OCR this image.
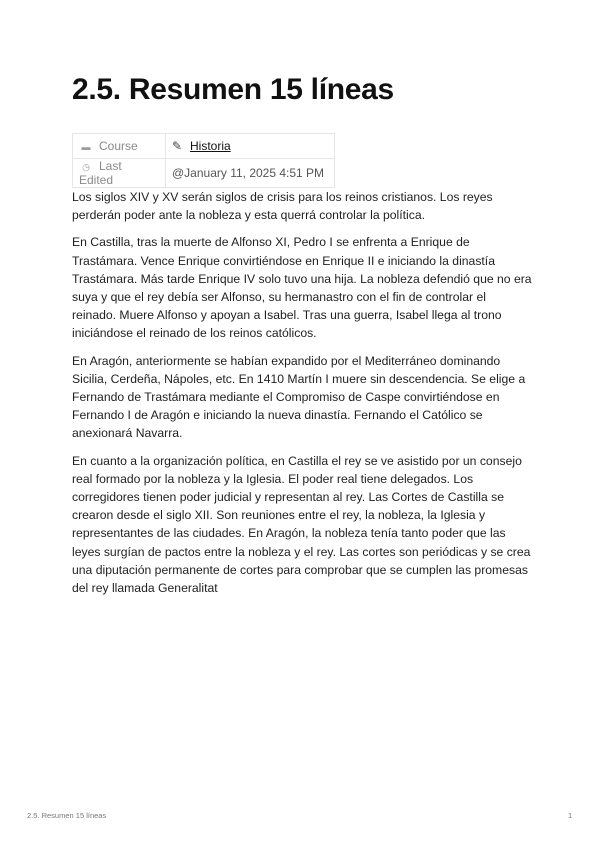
2.5. Resumen 15 líneas
▬ Course	✎ Historia
◷ Last Edited	@January 11, 2025 4:51 PM

Los siglos XIV y XV serán siglos de crisis para los reinos cristianos. Los reyes perderán poder ante la nobleza y esta querrá controlar la política.

En Castilla, tras la muerte de Alfonso XI, Pedro I se enfrenta a Enrique de Trastámara. Vence Enrique convirtiéndose en Enrique II e iniciando la dinastía Trastámara. Más tarde Enrique IV solo tuvo una hija. La nobleza defendió que no era suya y que el rey debía ser Alfonso, su hermanastro con el fin de controlar el reinado. Muere Alfonso y apoyan a Isabel. Tras una guerra, Isabel llega al trono iniciándose el reinado de los reinos católicos.

En Aragón, anteriormente se habían expandido por el Mediterráneo dominando Sicilia, Cerdeña, Nápoles, etc. En 1410 Martín I muere sin descendencia. Se elige a Fernando de Trastámara mediante el Compromiso de Caspe convirtiéndose en Fernando I de Aragón e iniciando la nueva dinastía. Fernando el Católico se anexionará Navarra.

En cuanto a la organización política, en Castilla el rey se ve asistido por un consejo real formado por la nobleza y la Iglesia. El poder real tiene delegados. Los corregidores tienen poder judicial y representan al rey. Las Cortes de Castilla se crearon desde el siglo XII. Son reuniones entre el rey, la nobleza, la Iglesia y representantes de las ciudades. En Aragón, la nobleza tenía tanto poder que las leyes surgían de pactos entre la nobleza y el rey. Las cortes son periódicas y se crea una diputación permanente de cortes para comprobar que se cumplen las promesas del rey llamada Generalitat

2.5. Resumen 15 líneas	1
